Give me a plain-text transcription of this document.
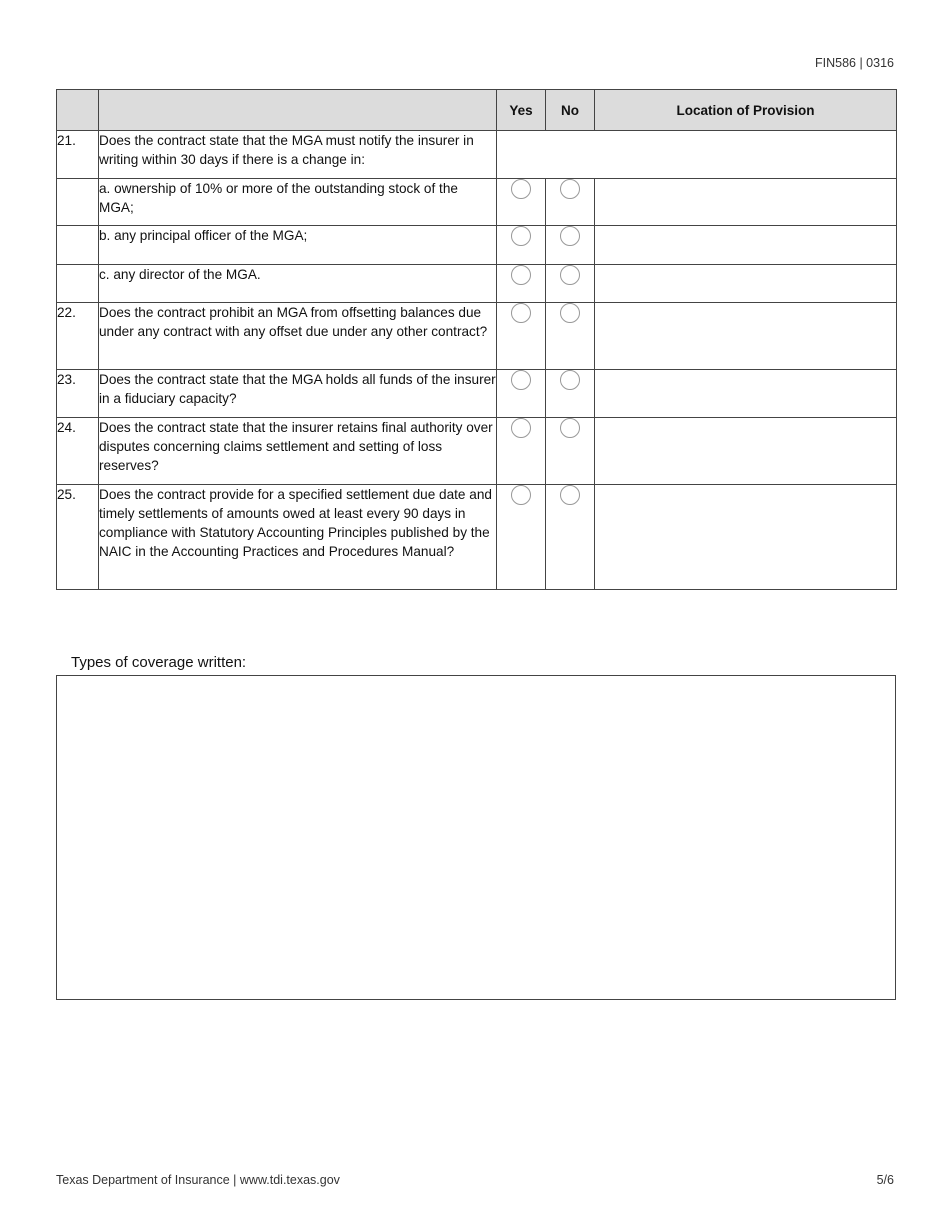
FIN586 | 0316
		Yes	No	Location of Provision
21.	Does the contract state that the MGA must notify the insurer in writing within 30 days if there is a change in:			
	a. ownership of 10% or more of the outstanding stock of the MGA;			
	b. any principal officer of the MGA;			
	c. any director of the MGA.			
22.	Does the contract prohibit an MGA from offsetting balances due under any contract with any offset due under any other contract?			
23.	Does the contract state that the MGA holds all funds of the insurer in a fiduciary capacity?			
24.	Does the contract state that the insurer retains final authority over disputes concerning claims settlement and setting of loss reserves?			
25.	Does the contract provide for a specified settlement due date and timely settlements of amounts owed at least every 90 days in compliance with Statutory Accounting Principles published by the NAIC in the Accounting Practices and Procedures Manual?			
Types of coverage written:
Texas Department of Insurance | www.tdi.texas.gov	5/6
